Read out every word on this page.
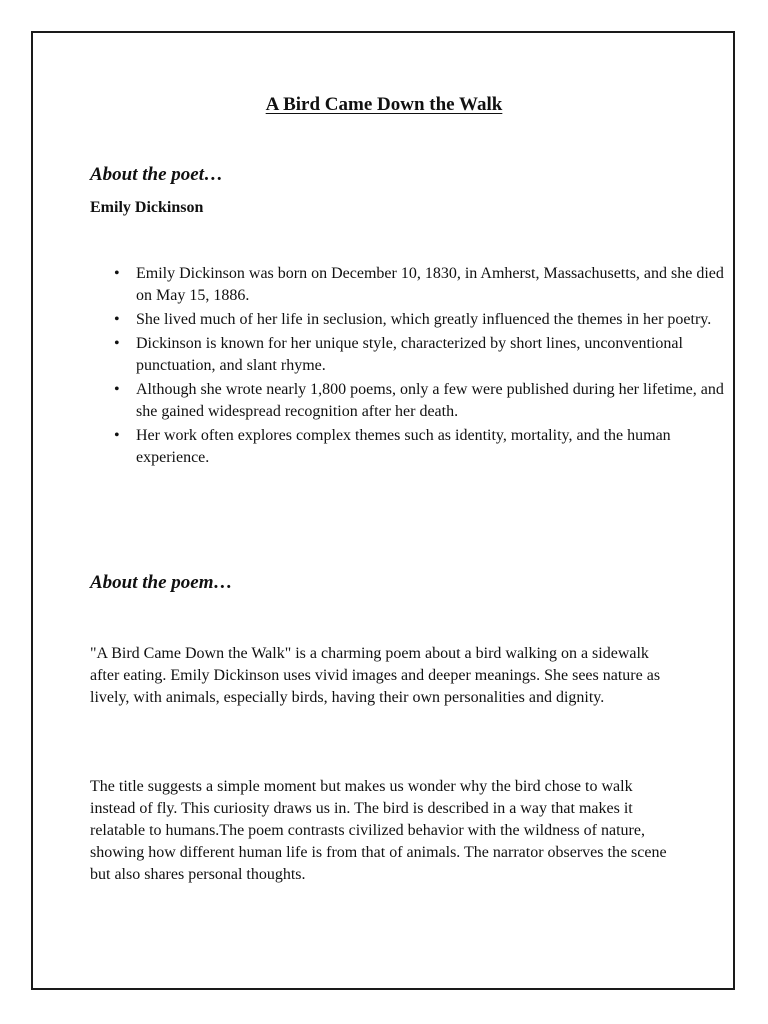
A Bird Came Down the Walk
About the poet…

Emily Dickinson

• Emily Dickinson was born on December 10, 1830, in Amherst, Massachusetts, and she died on May 15, 1886.
• She lived much of her life in seclusion, which greatly influenced the themes in her poetry.
• Dickinson is known for her unique style, characterized by short lines, unconventional punctuation, and slant rhyme.
• Although she wrote nearly 1,800 poems, only a few were published during her lifetime, and she gained widespread recognition after her death.
• Her work often explores complex themes such as identity, mortality, and the human experience.
About the poem…

"A Bird Came Down the Walk" is a charming poem about a bird walking on a sidewalk after eating. Emily Dickinson uses vivid images and deeper meanings. She sees nature as lively, with animals, especially birds, having their own personalities and dignity.

The title suggests a simple moment but makes us wonder why the bird chose to walk instead of fly. This curiosity draws us in. The bird is described in a way that makes it relatable to humans.The poem contrasts civilized behavior with the wildness of nature, showing how different human life is from that of animals. The narrator observes the scene but also shares personal thoughts.
